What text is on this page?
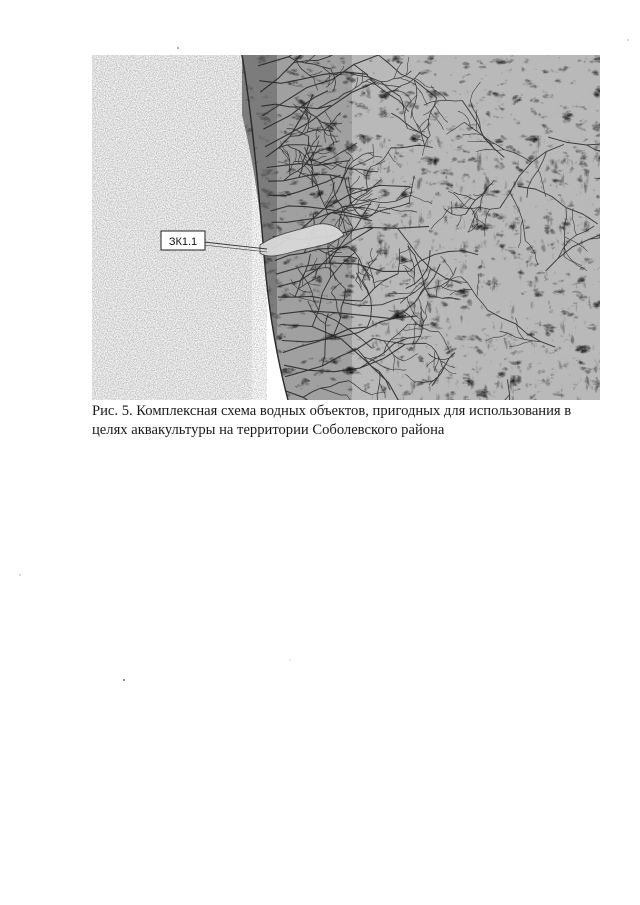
ЗК1.1

Рис. 5. Комплексная схема водных объектов, пригодных для использования в целях аквакультуры на территории Соболевского района
